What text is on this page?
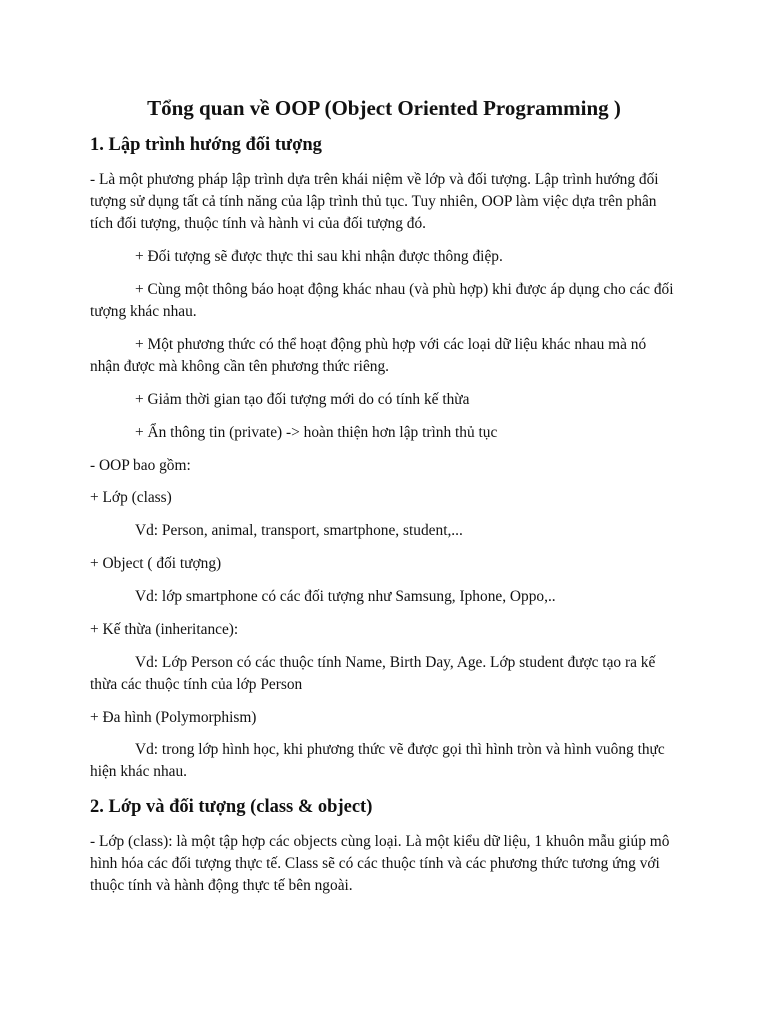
Tổng quan về OOP (Object Oriented Programming )
1. Lập trình hướng đối tượng

- Là một phương pháp lập trình dựa trên khái niệm về lớp và đối tượng. Lập trình hướng đối tượng sử dụng tất cả tính năng của lập trình thủ tục. Tuy nhiên, OOP làm việc dựa trên phân tích đối tượng, thuộc tính và hành vi của đối tượng đó.

+ Đối tượng sẽ được thực thi sau khi nhận được thông điệp.

+ Cùng một thông báo hoạt động khác nhau (và phù hợp) khi được áp dụng cho các đối tượng khác nhau.

+ Một phương thức có thể hoạt động phù hợp với các loại dữ liệu khác nhau mà nó nhận được mà không cần tên phương thức riêng.

+ Giảm thời gian tạo đối tượng mới do có tính kế thừa

+ Ẩn thông tin (private) -> hoàn thiện hơn lập trình thủ tục

- OOP bao gồm:

+ Lớp (class)

Vd: Person, animal, transport, smartphone, student,...

+ Object ( đối tượng)

Vd: lớp smartphone có các đối tượng như Samsung, Iphone, Oppo,..

+ Kế thừa (inheritance):

Vd: Lớp Person có các thuộc tính Name, Birth Day, Age. Lớp student được tạo ra kế thừa các thuộc tính của lớp Person

+ Đa hình (Polymorphism)

Vd: trong lớp hình học, khi phương thức vẽ được gọi thì hình tròn và hình vuông thực hiện khác nhau.

2. Lớp và đối tượng (class & object)

- Lớp (class): là một tập hợp các objects cùng loại. Là một kiểu dữ liệu, 1 khuôn mẫu giúp mô hình hóa các đối tượng thực tế. Class sẽ có các thuộc tính và các phương thức tương ứng với thuộc tính và hành động thực tế bên ngoài.
